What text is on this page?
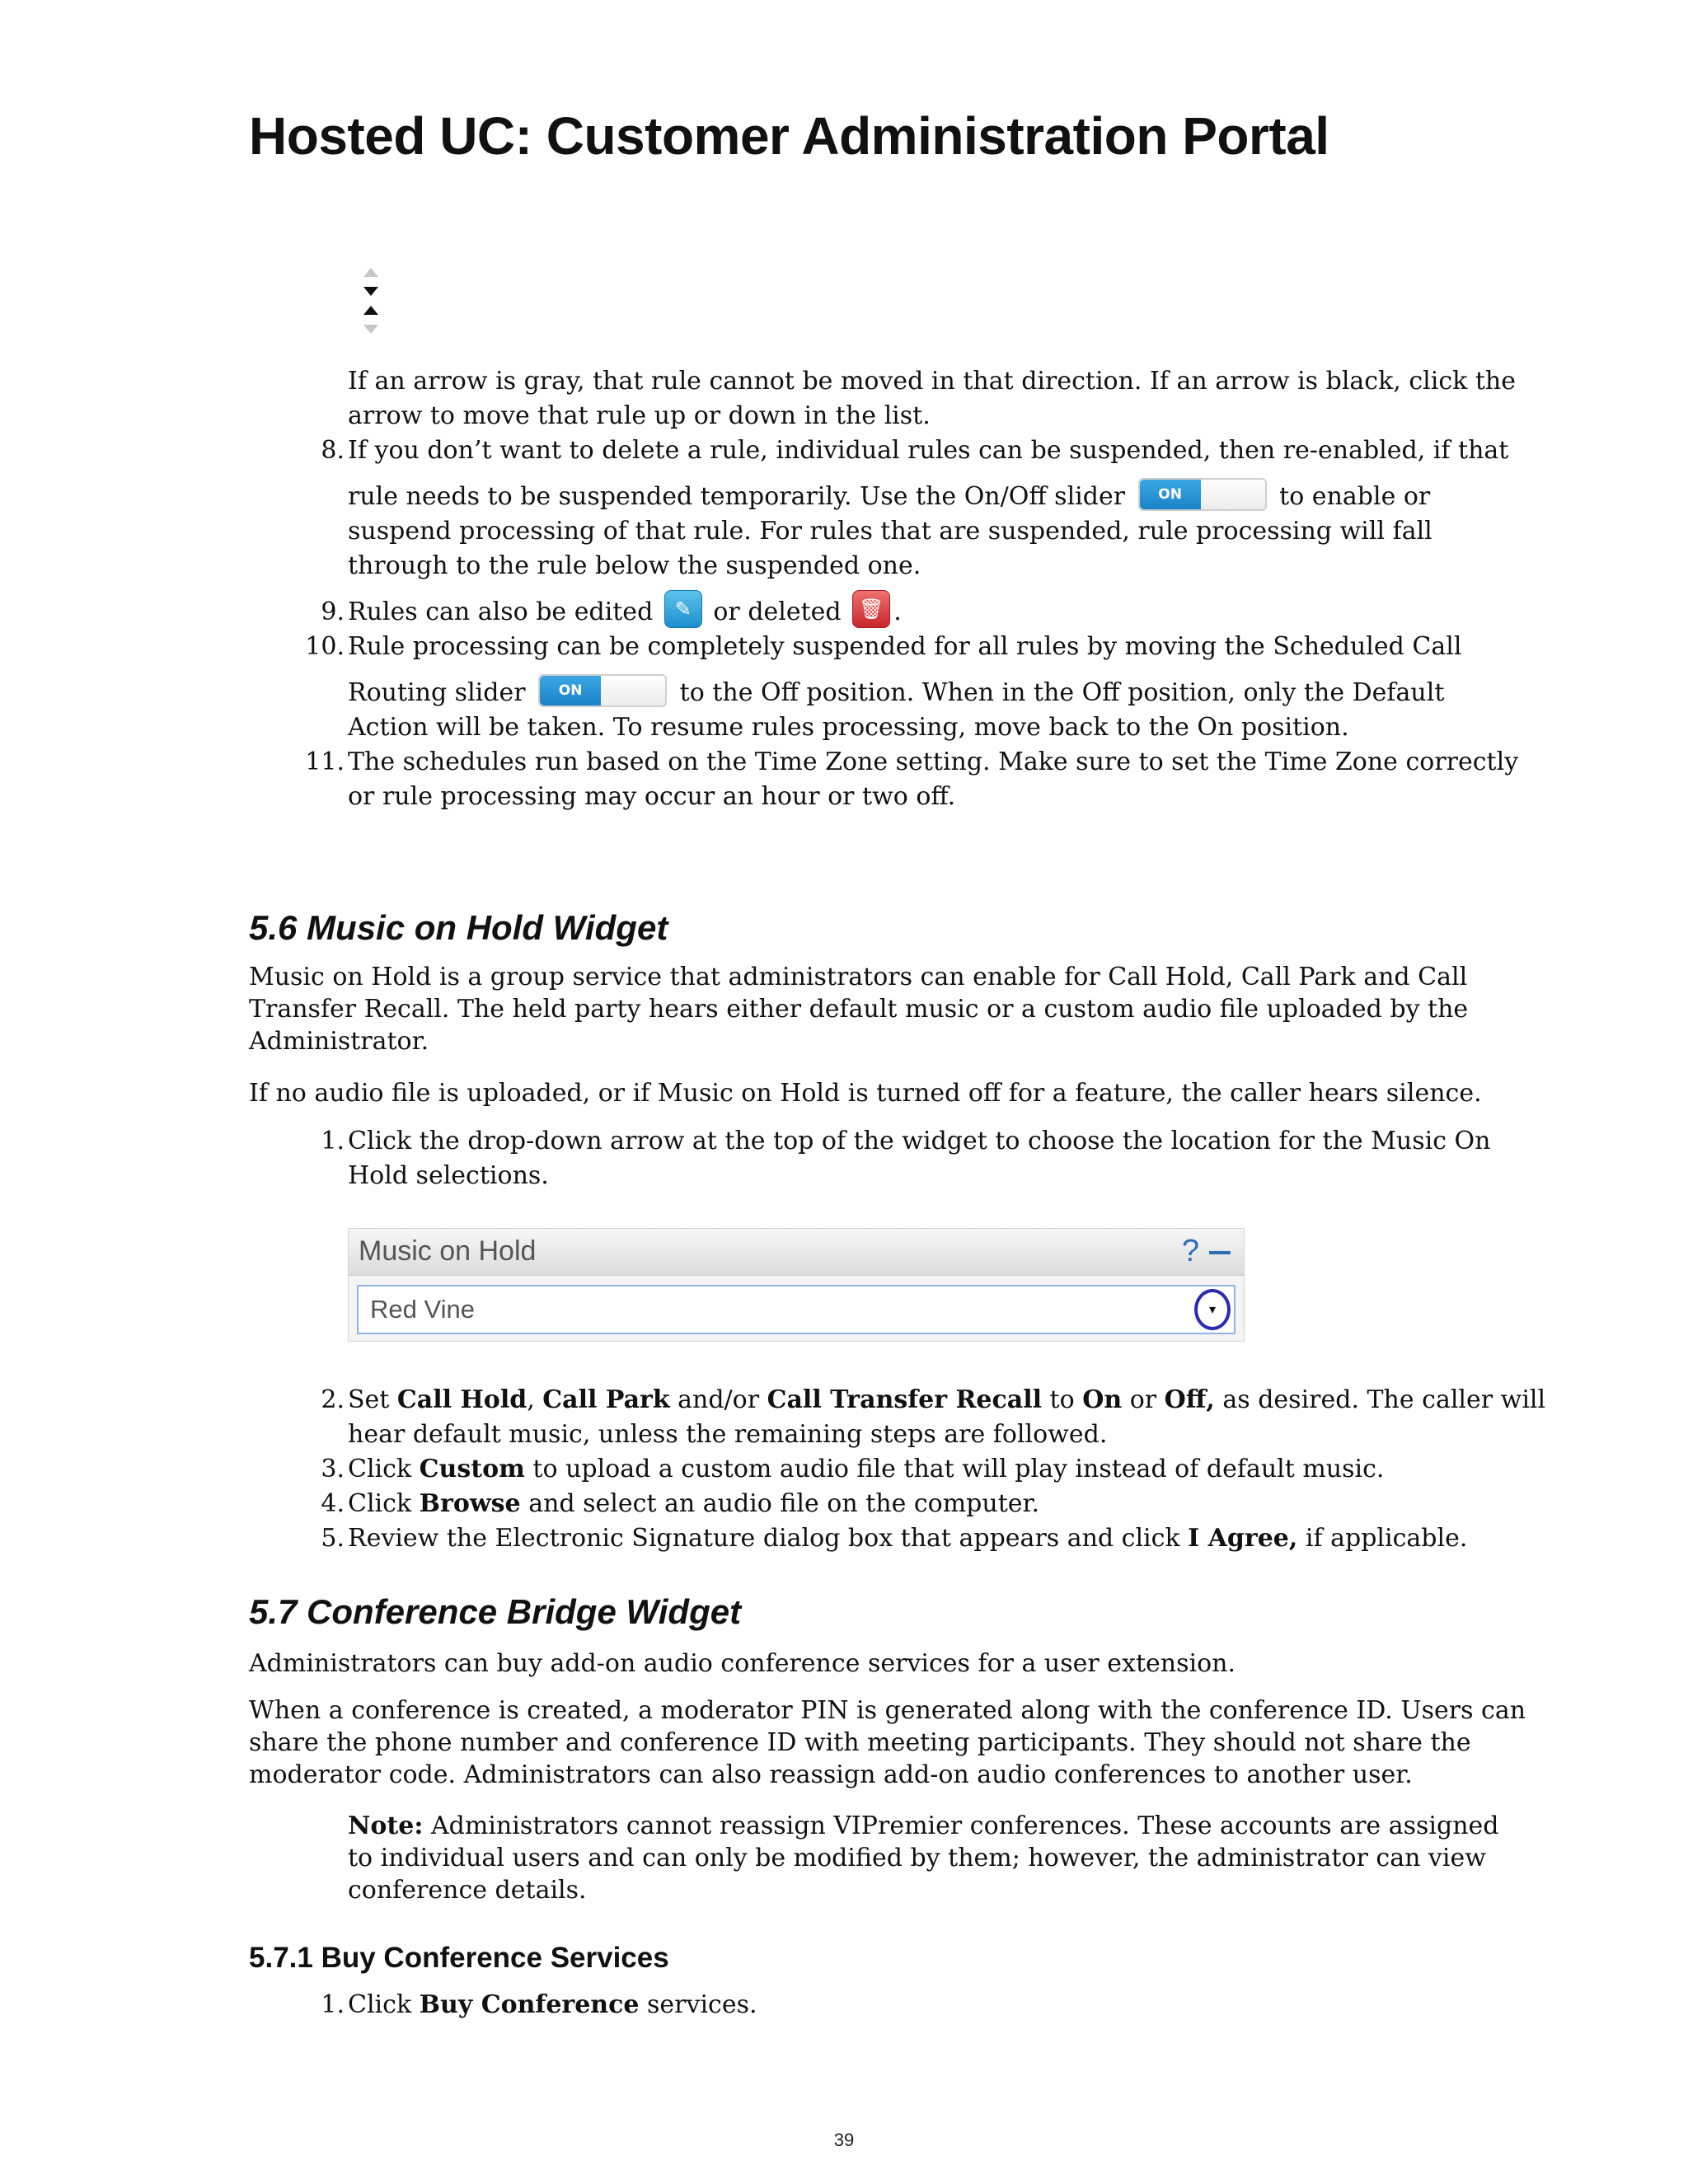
Hosted UC: Customer Administration Portal
If an arrow is gray, that rule cannot be moved in that direction. If an arrow is black, click the
arrow to move that rule up or down in the list.
8. If you don’t want to delete a rule, individual rules can be suspended, then re-enabled, if that
rule needs to be suspended temporarily. Use the On/Off slider	ON	to enable or
suspend processing of that rule. For rules that are suspended, rule processing will fall
through to the rule below the suspended one.
9. Rules can also be edited ✎ or deleted 🗑 .
10. Rule processing can be completely suspended for all rules by moving the Scheduled Call
Routing slider	ON	to the Off position. When in the Off position, only the Default
Action will be taken. To resume rules processing, move back to the On position.
11. The schedules run based on the Time Zone setting. Make sure to set the Time Zone correctly
or rule processing may occur an hour or two off.
5.6 Music on Hold Widget
Music on Hold is a group service that administrators can enable for Call Hold, Call Park and Call
Transfer Recall. The held party hears either default music or a custom audio file uploaded by the
Administrator.
If no audio file is uploaded, or if Music on Hold is turned off for a feature, the caller hears silence.
1. Click the drop-down arrow at the top of the widget to choose the location for the Music On
Hold selections.
Music on Hold	?
Red Vine	▾
2. Set Call Hold, Call Park and/or Call Transfer Recall to On or Off, as desired. The caller will
hear default music, unless the remaining steps are followed.
3. Click Custom to upload a custom audio file that will play instead of default music.
4. Click Browse and select an audio file on the computer.
5. Review the Electronic Signature dialog box that appears and click I Agree, if applicable.
5.7 Conference Bridge Widget
Administrators can buy add-on audio conference services for a user extension.
When a conference is created, a moderator PIN is generated along with the conference ID. Users can
share the phone number and conference ID with meeting participants. They should not share the
moderator code. Administrators can also reassign add-on audio conferences to another user.
Note: Administrators cannot reassign VIPremier conferences. These accounts are assigned
to individual users and can only be modified by them; however, the administrator can view
conference details.
5.7.1 Buy Conference Services
1. Click Buy Conference services.
39
